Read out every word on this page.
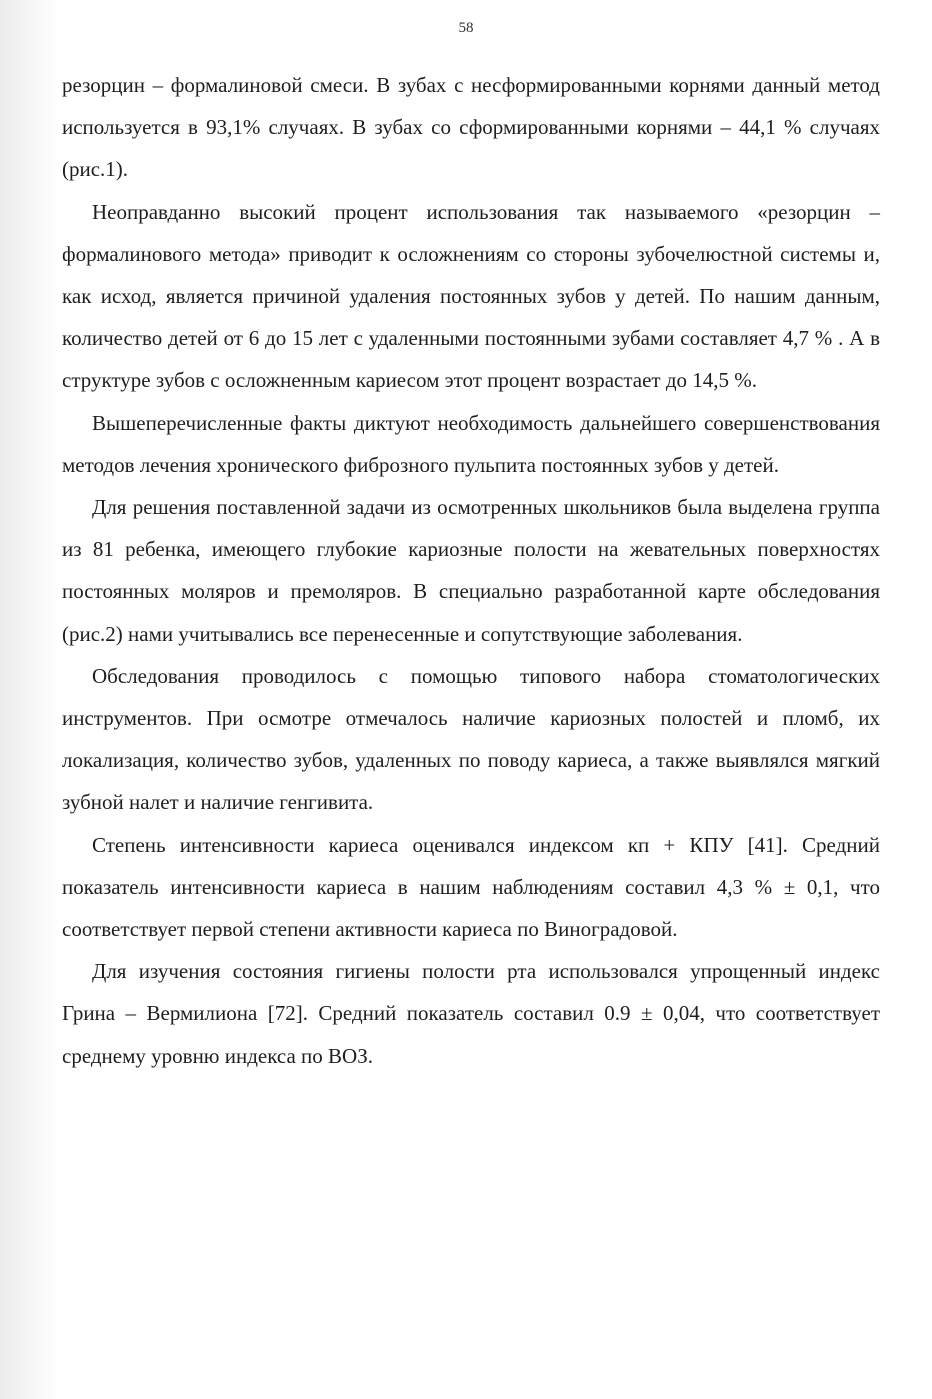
58

резорцин – формалиновой смеси. В зубах с несформированными корнями данный метод используется в 93,1% случаях. В зубах со сформированными корнями – 44,1 % случаях (рис.1).

Неоправданно высокий процент использования так называемого «резорцин – формалинового метода» приводит к осложнениям со стороны зубочелюстной системы и, как исход, является причиной удаления постоянных зубов у детей. По нашим данным, количество детей от 6 до 15 лет с удаленными постоянными зубами составляет 4,7 % . А в структуре зубов с осложненным кариесом этот процент возрастает до 14,5 %.

Вышеперечисленные факты диктуют необходимость дальнейшего совершенствования методов лечения хронического фиброзного пульпита постоянных зубов у детей.

Для решения поставленной задачи из осмотренных школьников была выделена группа из 81 ребенка, имеющего глубокие кариозные полости на жевательных поверхностях постоянных моляров и премоляров. В специально разработанной карте обследования (рис.2) нами учитывались все перенесенные и сопутствующие заболевания.

Обследования проводилось с помощью типового набора стоматологических инструментов. При осмотре отмечалось наличие кариозных полостей и пломб, их локализация, количество зубов, удаленных по поводу кариеса, а также выявлялся мягкий зубной налет и наличие генгивита.

Степень интенсивности кариеса оценивался индексом кп + КПУ [41]. Средний показатель интенсивности кариеса в нашим наблюдениям составил 4,3 % ± 0,1, что соответствует первой степени активности кариеса по Виноградовой.

Для изучения состояния гигиены полости рта использовался упрощенный индекс Грина – Вермилиона [72]. Средний показатель составил 0.9 ± 0,04, что соответствует среднему уровню индекса по ВОЗ.
